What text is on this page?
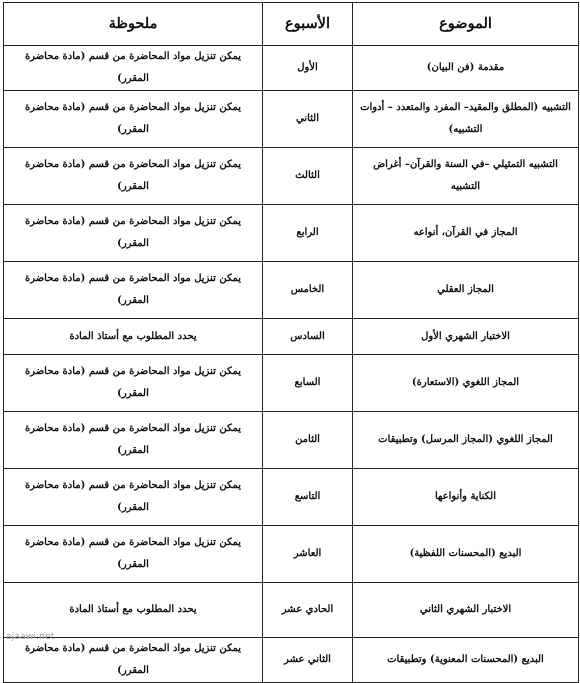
الموضوع	الأسبوع	ملحوظة
مقدمة (فن البيان)	الأول	يمكن تنزيل مواد المحاضرة من قسم (مادة محاضرة المقرر)
التشبيه (المطلق والمقيد– المفرد والمتعدد – أدوات التشبيه)	الثاني	يمكن تنزيل مواد المحاضرة من قسم (مادة محاضرة المقرر)
التشبيه التمثيلي –في السنة والقرآن– أغراض التشبيه	الثالث	يمكن تنزيل مواد المحاضرة من قسم (مادة محاضرة المقرر)
المجاز في القرآن، أنواعه	الرابع	يمكن تنزيل مواد المحاضرة من قسم (مادة محاضرة المقرر)
المجاز العقلي	الخامس	يمكن تنزيل مواد المحاضرة من قسم (مادة محاضرة المقرر)
الاختبار الشهري الأول	السادس	يحدد المطلوب مع أستاذ المادة
المجاز اللغوي (الاستعارة)	السابع	يمكن تنزيل مواد المحاضرة من قسم (مادة محاضرة المقرر)
المجاز اللغوي (المجاز المرسل) وتطبيقات	الثامن	يمكن تنزيل مواد المحاضرة من قسم (مادة محاضرة المقرر)
الكناية وأنواعها	التاسع	يمكن تنزيل مواد المحاضرة من قسم (مادة محاضرة المقرر)
البديع (المحسنات اللفظية)	العاشر	يمكن تنزيل مواد المحاضرة من قسم (مادة محاضرة المقرر)
الاختبار الشهري الثاني	الحادي عشر	يحدد المطلوب مع أستاذ المادة
البديع (المحسنات المعنوية) وتطبيقات	الثاني عشر	يمكن تنزيل مواد المحاضرة من قسم (مادة محاضرة المقرر)
ajaawi.net
